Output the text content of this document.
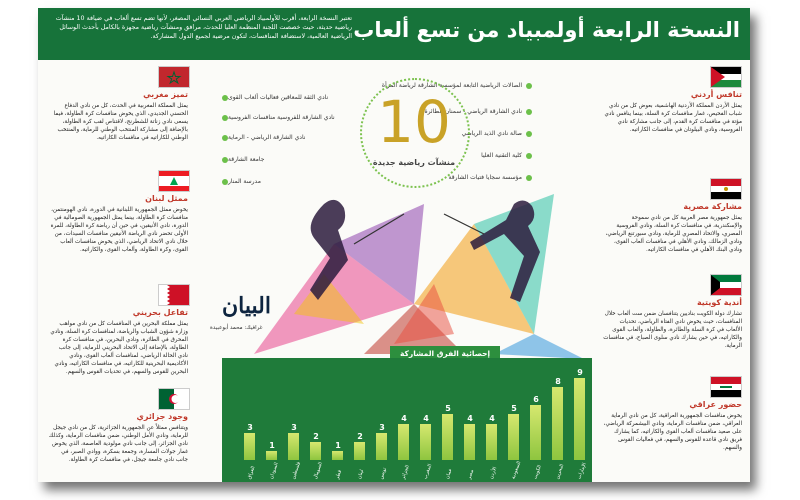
النسخة الرابعة أولمبياد من تسع ألعاب
تعتبر النسخة الرابعة، أقرب للأولمبياد الرياضي العربي النسائي المصغر، لأنها تضم تسع ألعاب في ضيافة 10 منشآت رياضية حديثة، حيث خصصت اللجنة المنظمة العليا للحدث، مرافق ومنشآت رياضية مجهزة بالكامل بأحدث الوسائل الرياضية العالمية، لاستضافة المنافسات، لتكون مرضية لجميع الدول المشاركة.
تنافس أردني
يمثل الأردن المملكة الأردنية الهاشمية، بعوض كل من نادي شباب الفحيص، غمار منافسات كرة السلة، بينما ينافس نادي مؤتة في منافسات كرة القدم، إلى جانب مشاركة نادي الفروسية، ونادي البيلوتان في منافسات الكاراتيه.
مشاركة مصرية
يمثل جمهورية مصر العربية كل من نادي سموحة والإسكندرية، في منافسات كرة السلة، ونادي الفروسية المصري، والاتحاد المصري للرماية، ونادي سبورتنغ الرياضي، ونادي الزمالك، ونادي الأهلي في منافسات ألعاب القوى، ونادي البنك الأهلي في منافسات الكاراتيه.
أندية كويتية
تشارك دولة الكويت بناديين يتنافسان ضمن ست ألعاب خلال المنافسات، حيث يخوض نادي الفتاة الرياضي، تحديات الألعاب في كرة السلة والطائرة، والطاولة، وألعاب القوى والكاراتيه، في حين يشارك نادي سلوى الصباح، في منافسات الرماية.
حضور عراقي
يخوض منافسات الجمهورية العراقية، كل من نادي الرماية العراقي، ضمن منافسات الرماية، ونادي البيشمركة الرياضي، على صعيد منافسات ألعاب القوى والكاراتيه، كما يشارك فريق نادي قاعدة للقوس والسهم، في فعاليات القوس والسهم.
تميز مغربي
يمثل المملكة المغربية في الحدث، كل من نادي الدفاع الحسني الجديدي، الذي يخوض منافسات كرة الطاولة، فيما يسعى نادي زناتة للشطرنج، لاقتناص لقب كرة الطاولة، بالإضافة إلى مشاركة المنتخب الوطني للرماية، والمنتخب الوطني للكاراتيه في منافسات الكاراتيه.
ممثل لبنان
يخوض ممثل الجمهورية اللبنانية في الدورة، نادي الهومنتمن، منافسات كرة الطاولة، بينما يمثل الجمهورية الصومالية في الدورة، نادي الأنيقين، في حين أن رياضة كرة الطاولة، للمرة الأولى تحضر نادي الرياضة الأنيقين منافسات السيدات، من خلال نادي الاتحاد الرياضي، الذي يخوض منافسات ألعاب القوى، وكرة الطاولة، وألعاب القوى، والكاراتيه.
تفاعل بحريني
يمثل مملكة البحرين في المنافسات كل من نادي مواهب وزارة شؤون الشباب والرياضة، لمنافسات كرة السلة، ونادي المحرق في الطائرة، ونادي البحرين، في منافسات كرة الطاولة، بالإضافة إلى الاتحاد البحريني للرماية، إلى جانب نادي الحالة الرياضي، لمنافسات ألعاب القوى، ونادي الأكاديمية البحرينية للكاراتيه، في منافسات الكاراتيه، ونادي البحرين للقوس والسهم، في تحديات القوس والسهم.
وجود جزائري
ويتنافس ممثلاً عن الجمهورية الجزائرية، كل من نادي جيجل للرماية، ونادي الأمل الوطني، ضمن منافسات الرماية، وكذلك نادي الجزائر، إلى جانب نادي مولودية العاصمة، الذي يخوض غمار جولات المسارة، وجمعة بسكرة، ووادي الصبر، في جانب نادي جامعة جيجل، في منافسات كرة الطاولة.
الصالات الرياضية التابعة لمؤسسة الشارقة لرياضة المرأة
نادي الشارقة الرياضي - سمنان الطائرة
صالة نادي الذيد الرياضي
كلية التقنية العليا
مؤسسة سجايا فتيات الشارقة
نادي الثقة للمعاقين فعاليات ألعاب القوى
نادي الشارقة للفروسية منافسات الفروسية
نادي الشارقة الرياضي - الرماية
جامعة الشارقة
مدرسة المنار
10
منشآت رياضية جديدة
البيان
غرافيك: محمد أبوعبيدة
إحصائية الفرق المشاركة
9
الإمارات
8
البحرين
6
الكويت
5
السعودية
4
الأردن
4
مصر
5
عمان
4
المغرب
4
الجزائر
3
تونس
2
لبنان
1
قطر
2
الصومال
3
فلسطين
1
السودان
3
العراق
